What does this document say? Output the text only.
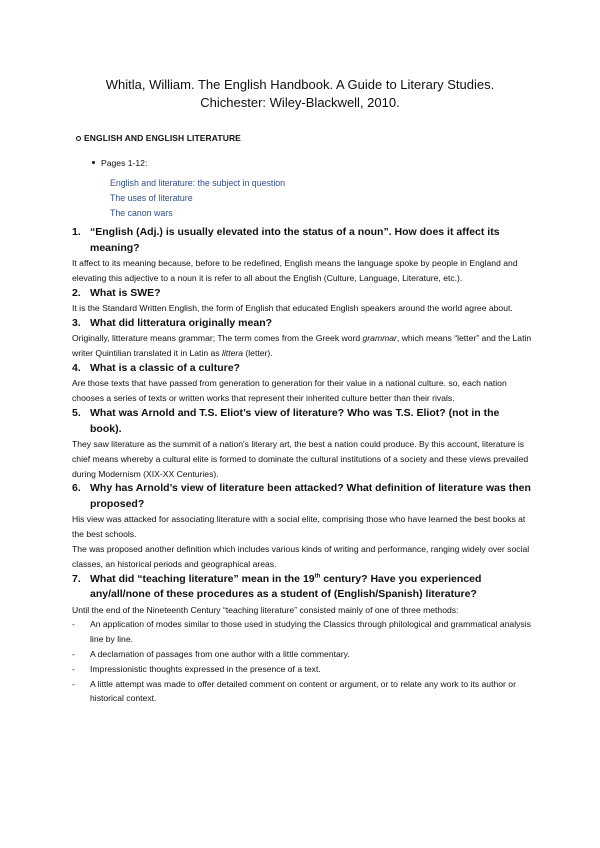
Whitla, William. The English Handbook. A Guide to Literary Studies.
Chichester: Wiley-Blackwell, 2010.
ENGLISH AND ENGLISH LITERATURE
Pages 1-12:
English and literature: the subject in question
The uses of literature
The canon wars
1. “English (Adj.) is usually elevated into the status of a noun”. How does it affect its meaning?
It affect to its meaning because, before to be redefined, English means the language spoke by people in England and elevating this adjective to a noun it is refer to all about the English (Culture, Language, Literature, etc.).
2. What is SWE?
It is the Standard Written English, the form of English that educated English speakers around the world agree about.
3. What did litteratura originally mean?
Originally, litterature means grammar; The term comes from the Greek word grammar, which means “letter” and the Latin writer Quintilian translated it in Latin as littera (letter).
4. What is a classic of a culture?
Are those texts that have passed from generation to generation for their value in a national culture. so, each nation chooses a series of texts or written works that represent their inherited culture better than their rivals.
5. What was Arnold and T.S. Eliot’s view of literature? Who was T.S. Eliot? (not in the book).
They saw literature as the summit of a nation's literary art, the best a nation could produce. By this account, literature is chief means whereby a cultural elite is formed to dominate the cultural institutions of a society and these views prevailed during Modernism (XIX-XX Centuries).
6. Why has Arnold’s view of literature been attacked? What definition of literature was then proposed?
His view was attacked for associating literature with a social elite, comprising those who have learned the best books at the best schools.
The was proposed another definition which includes various kinds of writing and performance, ranging widely over social classes, an historical periods and geographical areas.
7. What did “teaching literature” mean in the 19th century? Have you experienced any/all/none of these procedures as a student of (English/Spanish) literature?
Until the end of the Nineteenth Century “teaching literature” consisted mainly of one of three methods:
-	An application of modes similar to those used in studying the Classics through philological and grammatical analysis line by line.
-	A declamation of passages from one author with a little commentary.
-	Impressionistic thoughts expressed in the presence of a text.
-	A little attempt was made to offer detailed comment on content or argument, or to relate any work to its author or historical context.
